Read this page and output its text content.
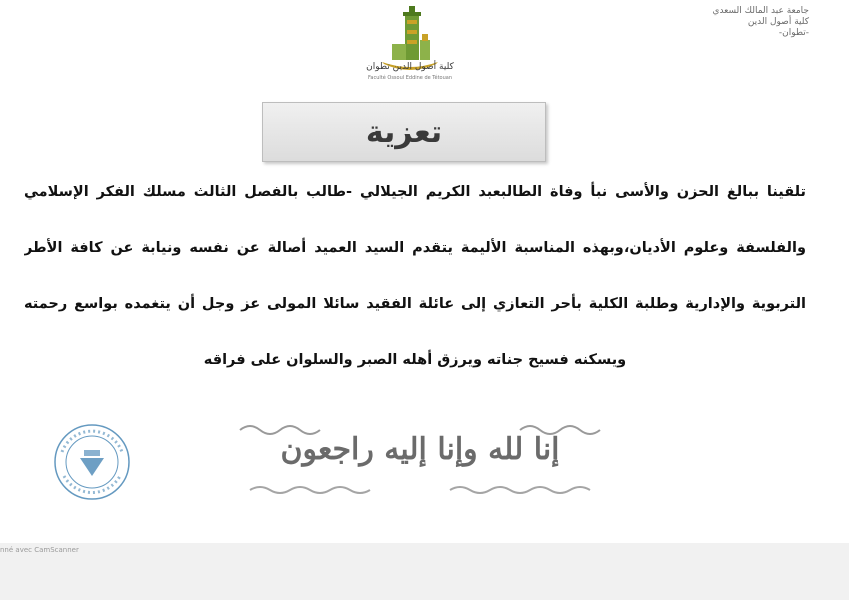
جامعة عبد المالك السعدي
كلية أصول الدين
-تطوان-
كلية أصول الدين تطوان
Faculté Ossoul Eddine de Tétouan
تعزية
تلقينا ببالغ الحزن والأسى نبأ وفاة الطالبعبد الكريم الجيلالي -طالب بالفصل الثالث مسلك الفكر الإسلامي
والفلسفة وعلوم الأديان،وبهذه المناسبة الأليمة يتقدم السيد العميد أصالة عن نفسه ونيابة عن كافة الأطر
التربوية والإدارية وطلبة الكلية بأحر التعازي إلى عائلة الفقيد سائلا المولى عز وجل أن يتغمده بواسع رحمته
ويسكنه فسيح جناته ويرزق أهله الصبر والسلوان على فراقه
إنا لله وإنا إليه راجعون
nné avec CamScanner
